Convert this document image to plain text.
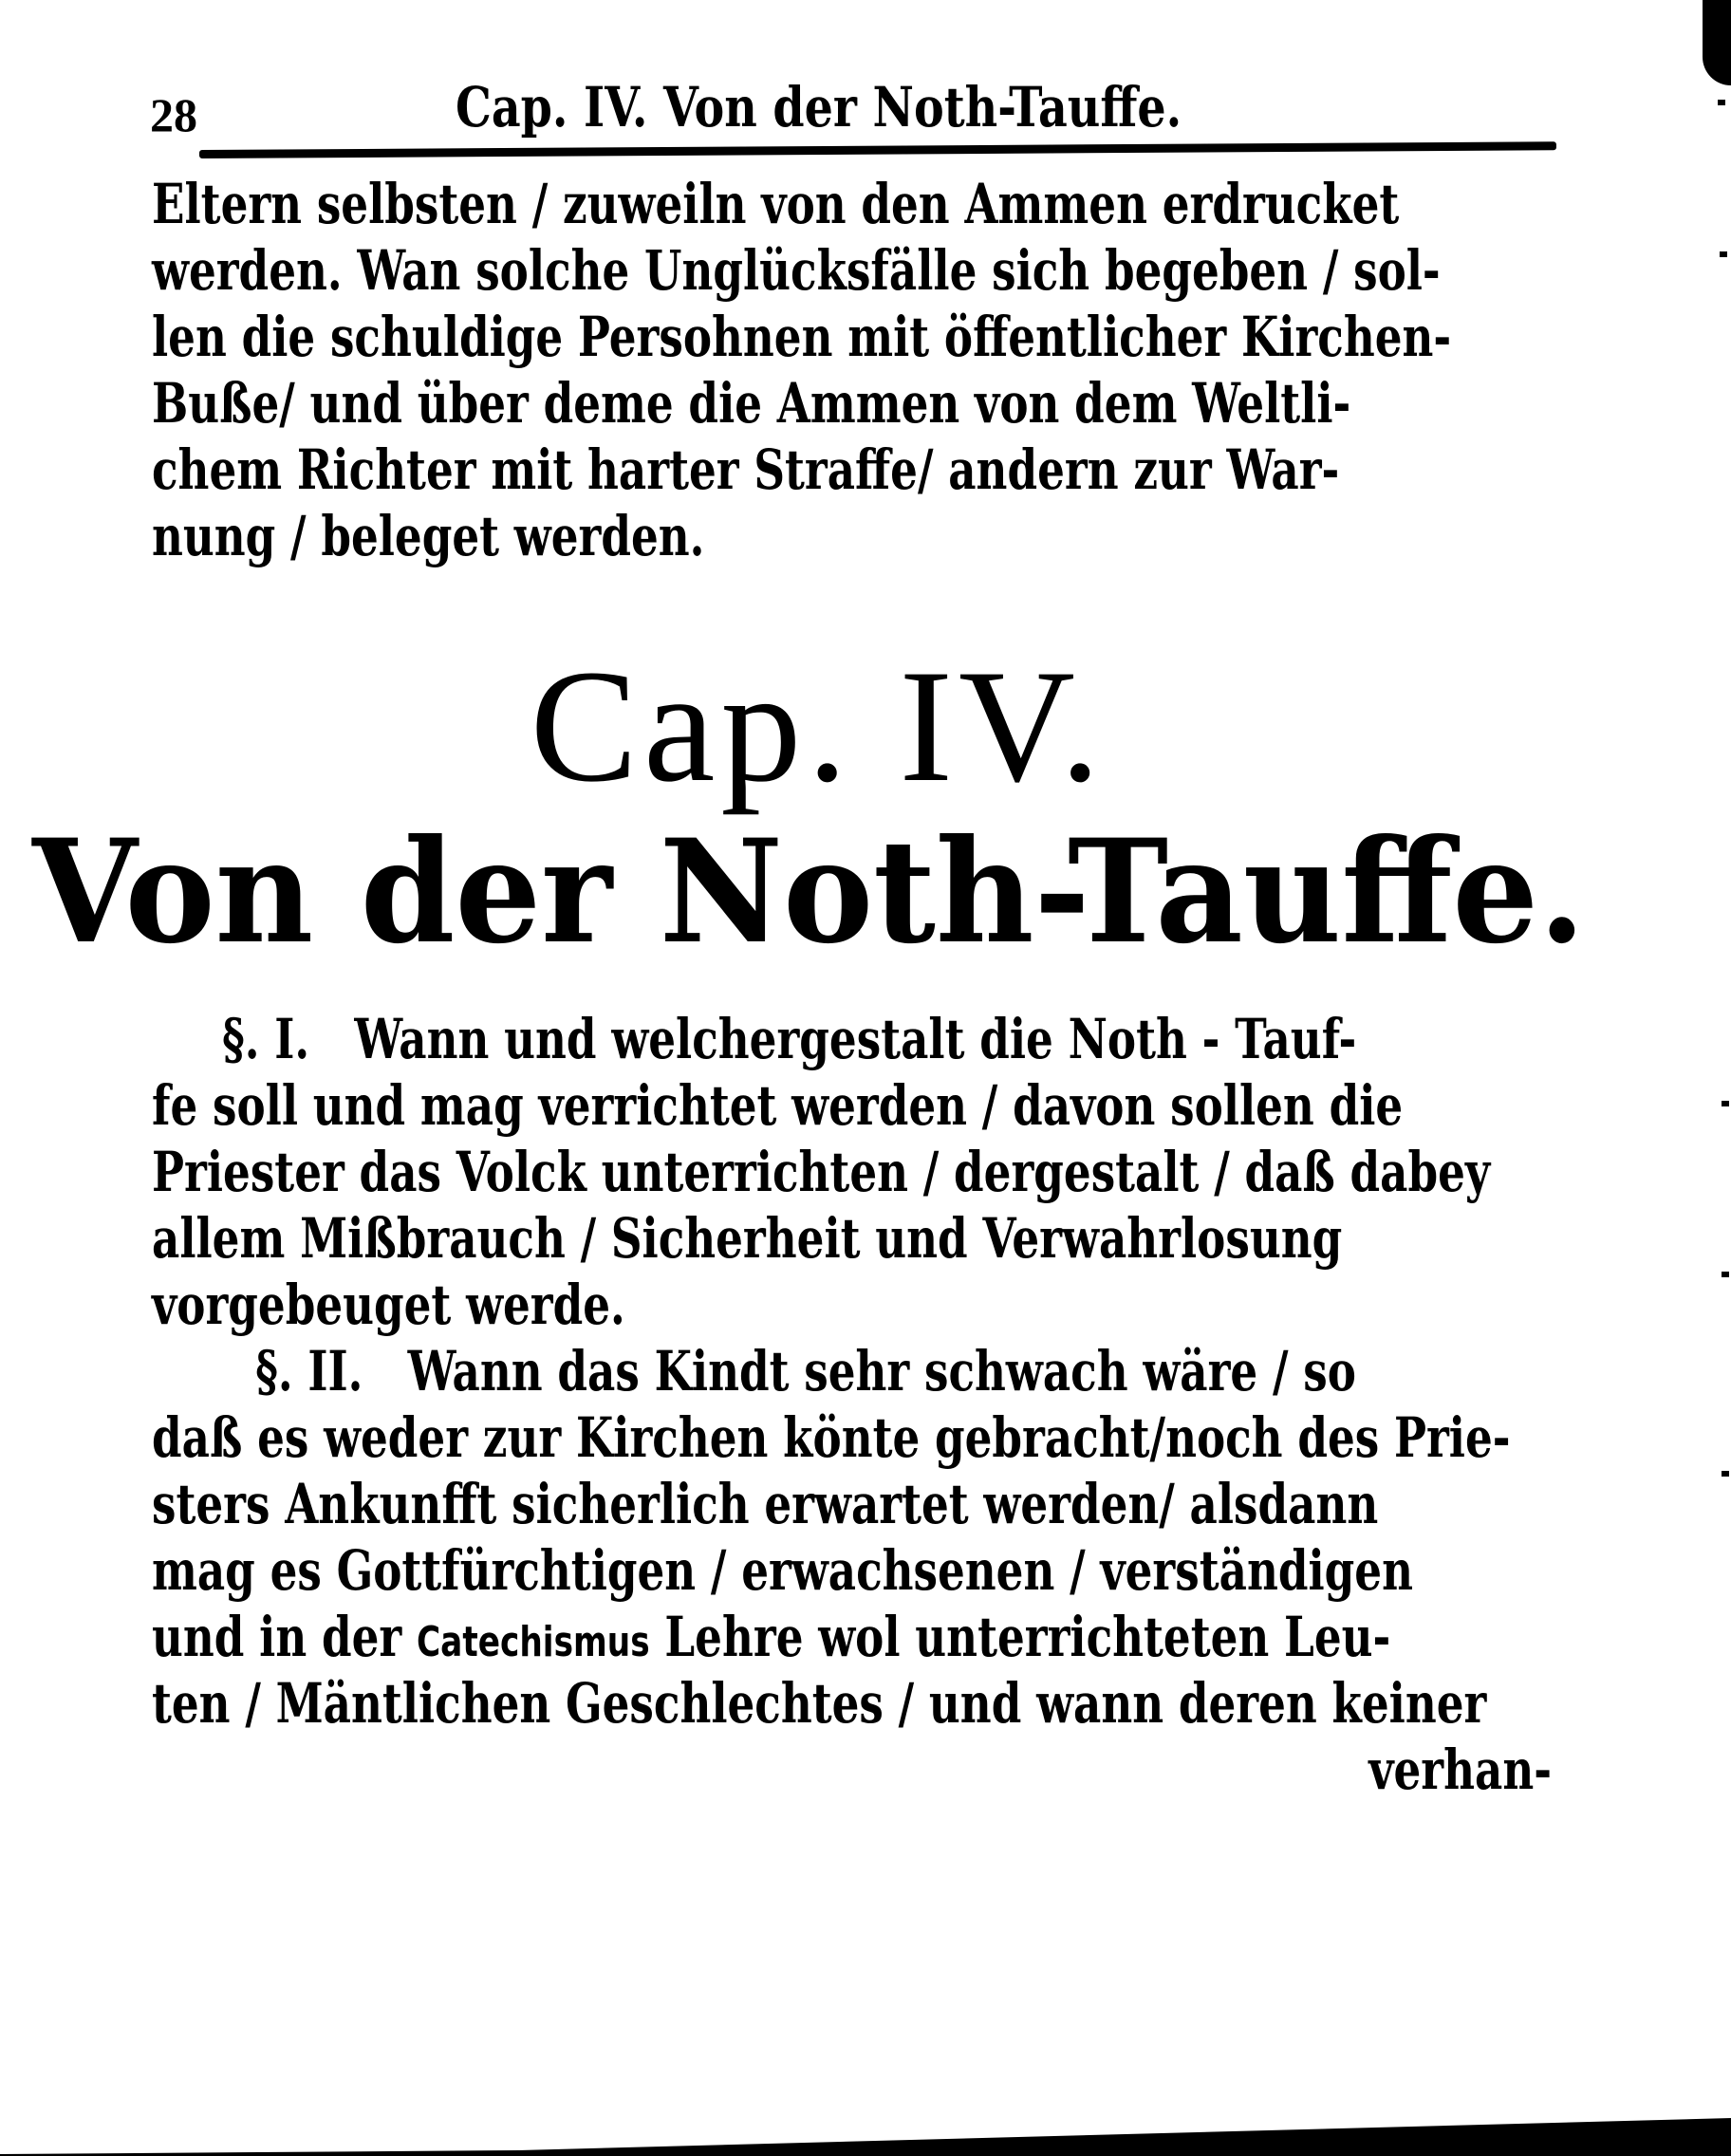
28	Cap. IV. Von der Noth-Tauffe.
Eltern selbsten / zuweiln von den Ammen erdrucket
werden. Wan solche Unglücksfälle sich begeben / sol-
len die schuldige Persohnen mit öffentlicher Kirchen-
Buße/ und über deme die Ammen von dem Weltli-
chem Richter mit harter Straffe/ andern zur War-
nung / beleget werden.
Cap. IV.
Von der Noth-Tauffe.
§. I. Wann und welchergestalt die Noth - Tauf-
fe soll und mag verrichtet werden / davon sollen die
Priester das Volck unterrichten / dergestalt / daß dabey
allem Mißbrauch / Sicherheit und Verwahrlosung
vorgebeuget werde.
§. II. Wann das Kindt sehr schwach wäre / so
daß es weder zur Kirchen könte gebracht/noch des Prie-
sters Ankunfft sicherlich erwartet werden/ alsdann
mag es Gottfürchtigen / erwachsenen / verständigen
und in der Catechismus Lehre wol unterrichteten Leu-
ten / Mäntlichen Geschlechtes / und wann deren keiner
verhan-
